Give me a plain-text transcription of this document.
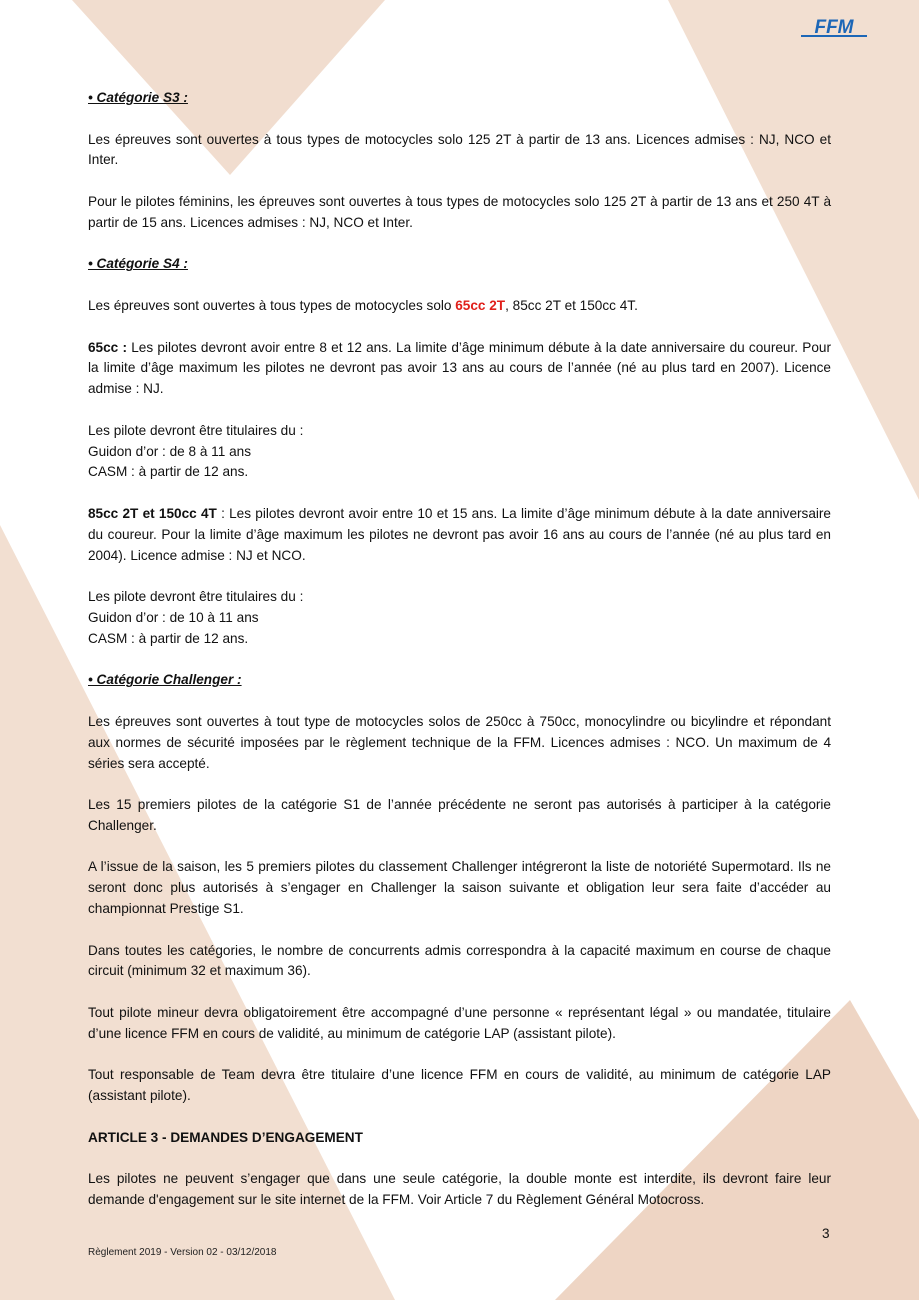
FFM

• Catégorie S3 :

Les épreuves sont ouvertes à tous types de motocycles solo 125 2T à partir de 13 ans. Licences admises : NJ, NCO et Inter.

Pour le pilotes féminins, les épreuves sont ouvertes à tous types de motocycles solo 125 2T à partir de 13 ans et 250 4T à partir de 15 ans. Licences admises : NJ, NCO et Inter.

• Catégorie S4 :

Les épreuves sont ouvertes à tous types de motocycles solo 65cc 2T, 85cc 2T et 150cc 4T.

65cc : Les pilotes devront avoir entre 8 et 12 ans. La limite d’âge minimum débute à la date anniversaire du coureur. Pour la limite d’âge maximum les pilotes ne devront pas avoir 13 ans au cours de l’année (né au plus tard en 2007). Licence admise : NJ.

Les pilote devront être titulaires du :
Guidon d’or : de 8 à 11 ans
CASM : à partir de 12 ans.

85cc 2T et 150cc 4T : Les pilotes devront avoir entre 10 et 15 ans. La limite d’âge minimum débute à la date anniversaire du coureur. Pour la limite d’âge maximum les pilotes ne devront pas avoir 16 ans au cours de l’année (né au plus tard en 2004). Licence admise : NJ et NCO.

Les pilote devront être titulaires du :
Guidon d’or : de 10 à 11 ans
CASM : à partir de 12 ans.

• Catégorie Challenger :

Les épreuves sont ouvertes à tout type de motocycles solos de 250cc à 750cc, monocylindre ou bicylindre et répondant aux normes de sécurité imposées par le règlement technique de la FFM. Licences admises : NCO. Un maximum de 4 séries sera accepté.

Les 15 premiers pilotes de la catégorie S1 de l’année précédente ne seront pas autorisés à participer à la catégorie Challenger.

A l’issue de la saison, les 5 premiers pilotes du classement Challenger intégreront la liste de notoriété Supermotard. Ils ne seront donc plus autorisés à s’engager en Challenger la saison suivante et obligation leur sera faite d’accéder au championnat Prestige S1.

Dans toutes les catégories, le nombre de concurrents admis correspondra à la capacité maximum en course de chaque circuit (minimum 32 et maximum 36).

Tout pilote mineur devra obligatoirement être accompagné d’une personne « représentant légal » ou mandatée, titulaire d’une licence FFM en cours de validité, au minimum de catégorie LAP (assistant pilote).

Tout responsable de Team devra être titulaire d’une licence FFM en cours de validité, au minimum de catégorie LAP (assistant pilote).

ARTICLE 3 - DEMANDES D’ENGAGEMENT

Les pilotes ne peuvent s’engager que dans une seule catégorie, la double monte est interdite, ils devront faire leur demande d'engagement sur le site internet de la FFM. Voir Article 7 du Règlement Général Motocross.

3
Règlement 2019 - Version 02 - 03/12/2018
